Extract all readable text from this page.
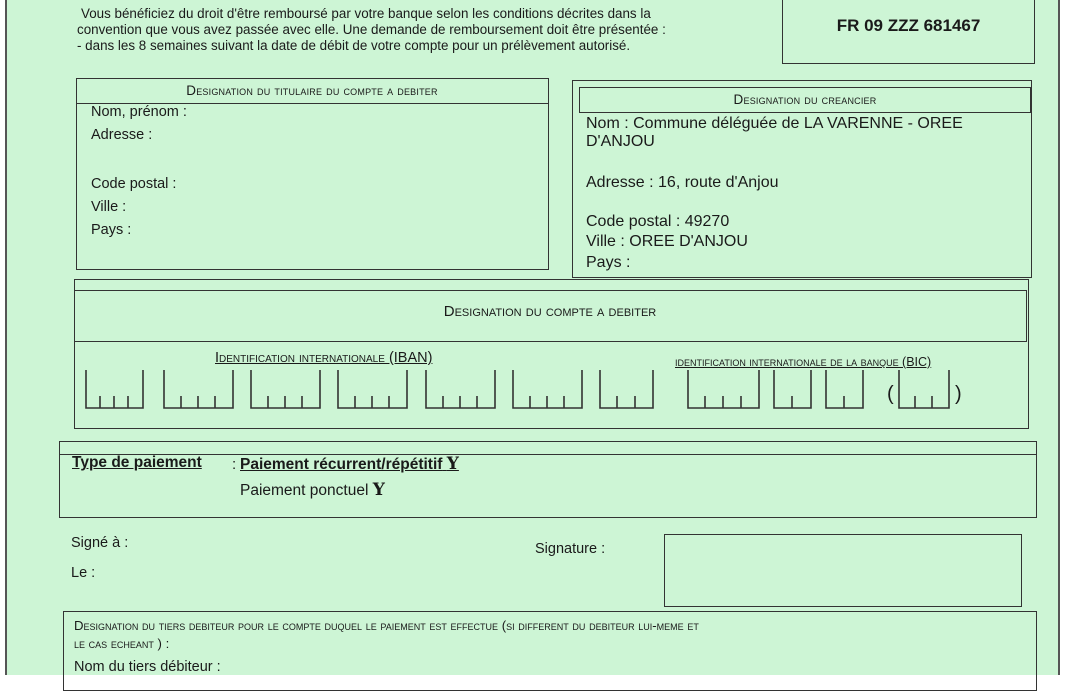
Vous bénéficiez du droit d'être remboursé par votre banque selon les conditions décrites dans la
convention que vous avez passée avec elle. Une demande de remboursement doit être présentée :
- dans les 8 semaines suivant la date de débit de votre compte pour un prélèvement autorisé.
FR 09 ZZZ 681467
Designation du titulaire du compte a debiter
Nom, prénom :
Adresse :
Code postal :
Ville :
Pays :
Designation du creancier
Nom : Commune déléguée de LA VARENNE - OREE
D'ANJOU
Adresse : 16, route d'Anjou
Code postal : 49270
Ville : OREE D'ANJOU
Pays :
Designation du compte a debiter
Identification internationale (IBAN)	identification internationale de la banque (BIC)
(	)
Type de paiement : Paiement récurrent/répétitif Y
Paiement ponctuel Y
Signé à :
Le :
Signature :
Designation du tiers debiteur pour le compte duquel le paiement est effectue (si different du debiteur lui-meme et
le cas echeant ) :
Nom du tiers débiteur :
